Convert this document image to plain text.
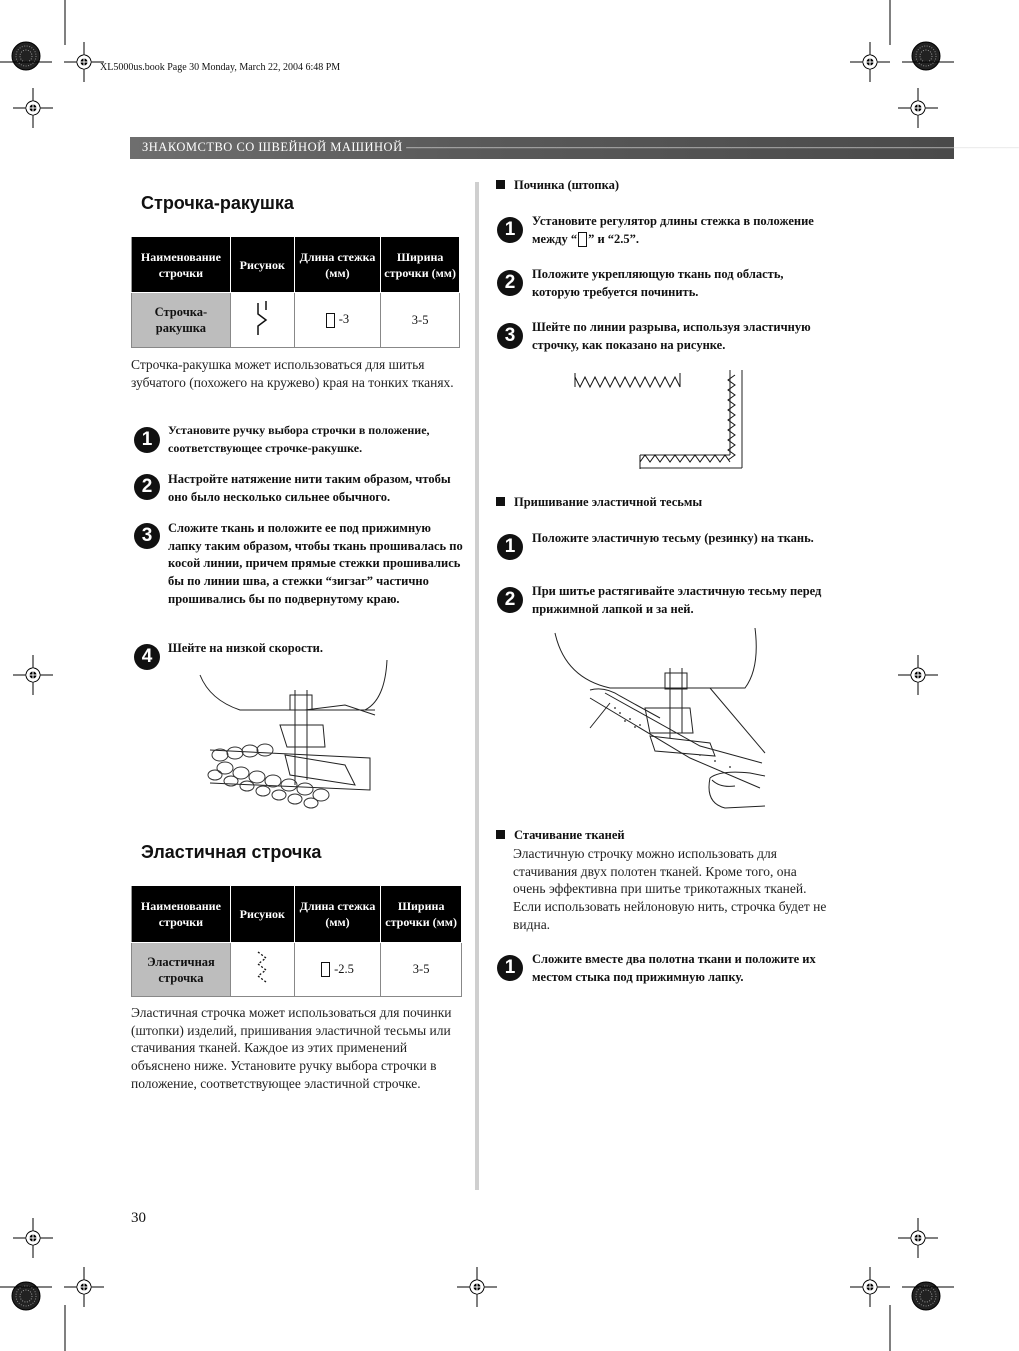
XL5000us.book Page 30 Monday, March 22, 2004 6:48 PM
ЗНАКОМСТВО СО ШВЕЙНОЙ МАШИНОЙ —————————————————————————————————————————————————
Строчка-ракушка
Наименование строчки	Рисунок	Длина стежка (мм)	Ширина строчки (мм)
Строчка-ракушка		-3	3-5
Строчка-ракушка может использоваться для шитья зубчатого (похожего на кружево) края на тонких тканях.
1	Установите ручку выбора строчки в положение, соответствующее строчке-ракушке.
2	Настройте натяжение нити таким образом, чтобы оно было несколько сильнее обычного.
3	Сложите ткань и положите ее под прижимную лапку таким образом, чтобы ткань прошивалась по косой линии, причем прямые стежки прошивались бы по линии шва, а стежки “зигзаг” частично прошивались бы по подвернутому краю.
4	Шейте на низкой скорости.
Эластичная строчка
Наименование строчки	Рисунок	Длина стежка (мм)	Ширина строчки (мм)
Эластичная строчка		-2.5	3-5
Эластичная строчка может использоваться для починки (штопки) изделий, пришивания эластичной тесьмы или стачивания тканей. Каждое из этих применений объяснено ниже. Установите ручку выбора строчки в положение, соответствующее эластичной строчке.
30
Починка (штопка)
1	Установите регулятор длины стежка в положение между “ ” и “2.5”.
2	Положите укрепляющую ткань под область, которую требуется починить.
3	Шейте по линии разрыва, используя эластичную строчку, как показано на рисунке.
Пришивание эластичной тесьмы
1	Положите эластичную тесьму (резинку) на ткань.
2	При шитье растягивайте эластичную тесьму перед прижимной лапкой и за ней.
Стачивание тканей
Эластичную строчку можно использовать для стачивания двух полотен тканей. Кроме того, она очень эффективна при шитье трикотажных тканей. Если использовать нейлоновую нить, строчка будет не видна.
1	Сложите вместе два полотна ткани и положите их местом стыка под прижимную лапку.
